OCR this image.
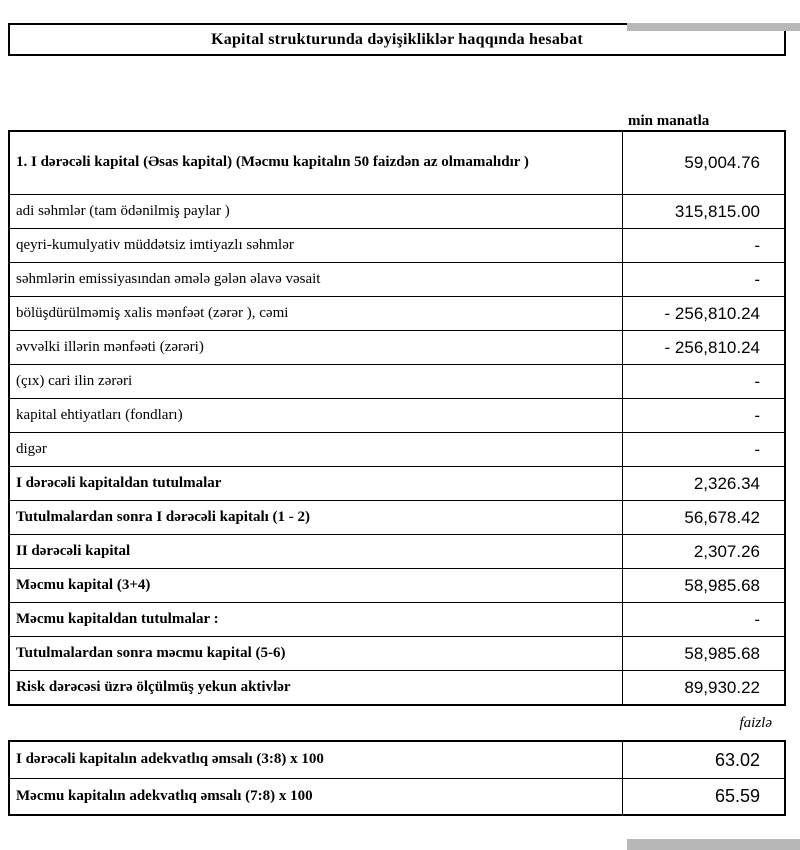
Kapital strukturunda dəyişikliklər haqqında hesabat
min manatla
1. I dərəcəli kapital (Əsas kapital) (Məcmu kapitalın 50 faizdən az olmamalıdır )	59,004.76
adi səhmlər (tam ödənilmiş paylar )	315,815.00
qeyri-kumulyativ müddətsiz imtiyazlı səhmlər	-
səhmlərin emissiyasından əmələ gələn əlavə vəsait	-
bölüşdürülməmiş xalis mənfəət (zərər ), cəmi	- 256,810.24
əvvəlki illərin mənfəəti (zərəri)	- 256,810.24
(çıx) cari ilin zərəri	-
kapital ehtiyatları (fondları)	-
digər	-
I dərəcəli kapitaldan tutulmalar	2,326.34
Tutulmalardan sonra I dərəcəli kapitalı (1 - 2)	56,678.42
II dərəcəli kapital	2,307.26
Məcmu kapital (3+4)	58,985.68
Məcmu kapitaldan tutulmalar :	-
Tutulmalardan sonra məcmu kapital (5-6)	58,985.68
Risk dərəcəsi üzrə ölçülmüş yekun aktivlər	89,930.22
faizlə
I dərəcəli kapitalın adekvatlıq əmsalı (3:8) x 100	63.02
Məcmu kapitalın adekvatlıq əmsalı (7:8) x 100	65.59
